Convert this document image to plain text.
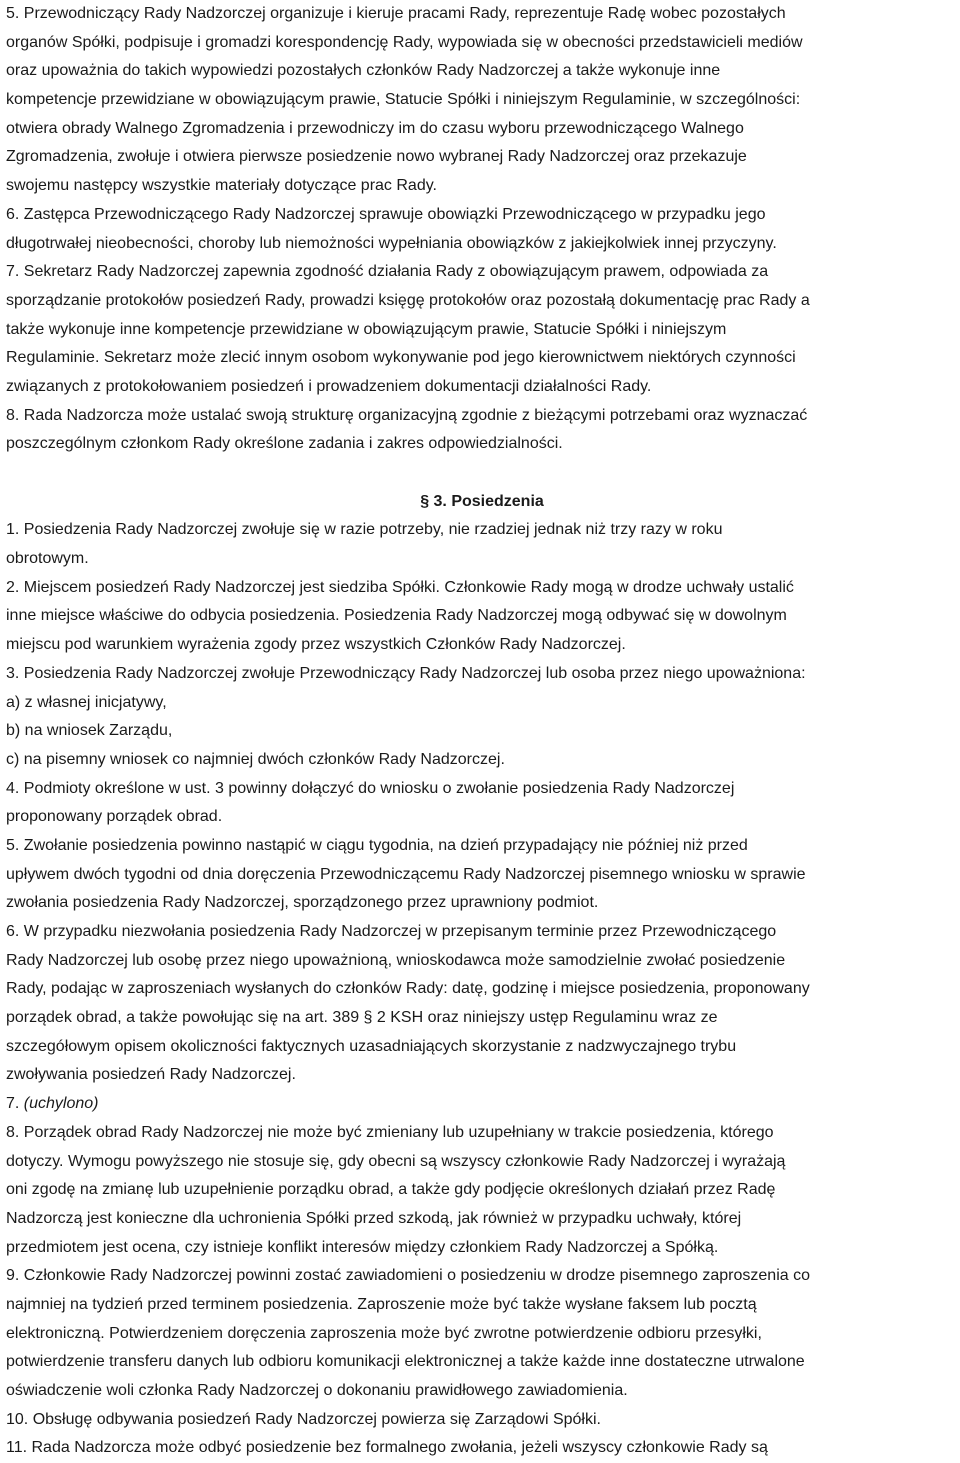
5. Przewodniczący Rady Nadzorczej organizuje i kieruje pracami Rady, reprezentuje Radę wobec pozostałych
organów Spółki, podpisuje i gromadzi korespondencję Rady, wypowiada się w obecności przedstawicieli mediów
oraz upoważnia do takich wypowiedzi pozostałych członków Rady Nadzorczej a także wykonuje inne
kompetencje przewidziane w obowiązującym prawie, Statucie Spółki i niniejszym Regulaminie, w szczególności:
otwiera obrady Walnego Zgromadzenia i przewodniczy im do czasu wyboru przewodniczącego Walnego
Zgromadzenia, zwołuje i otwiera pierwsze posiedzenie nowo wybranej Rady Nadzorczej oraz przekazuje
swojemu następcy wszystkie materiały dotyczące prac Rady.
6. Zastępca Przewodniczącego Rady Nadzorczej sprawuje obowiązki Przewodniczącego w przypadku jego
długotrwałej nieobecności, choroby lub niemożności wypełniania obowiązków z jakiejkolwiek innej przyczyny.
7. Sekretarz Rady Nadzorczej zapewnia zgodność działania Rady z obowiązującym prawem, odpowiada za
sporządzanie protokołów posiedzeń Rady, prowadzi księgę protokołów oraz pozostałą dokumentację prac Rady a
także wykonuje inne kompetencje przewidziane w obowiązującym prawie, Statucie Spółki i niniejszym
Regulaminie. Sekretarz może zlecić innym osobom wykonywanie pod jego kierownictwem niektórych czynności
związanych z protokołowaniem posiedzeń i prowadzeniem dokumentacji działalności Rady.
8. Rada Nadzorcza może ustalać swoją strukturę organizacyjną zgodnie z bieżącymi potrzebami oraz wyznaczać
poszczególnym członkom Rady określone zadania i zakres odpowiedzialności.
§ 3. Posiedzenia
1. Posiedzenia Rady Nadzorczej zwołuje się w razie potrzeby, nie rzadziej jednak niż trzy razy w roku
obrotowym.
2. Miejscem posiedzeń Rady Nadzorczej jest siedziba Spółki. Członkowie Rady mogą w drodze uchwały ustalić
inne miejsce właściwe do odbycia posiedzenia. Posiedzenia Rady Nadzorczej mogą odbywać się w dowolnym
miejscu pod warunkiem wyrażenia zgody przez wszystkich Członków Rady Nadzorczej.
3. Posiedzenia Rady Nadzorczej zwołuje Przewodniczący Rady Nadzorczej lub osoba przez niego upoważniona:
a) z własnej inicjatywy,
b) na wniosek Zarządu,
c) na pisemny wniosek co najmniej dwóch członków Rady Nadzorczej.
4. Podmioty określone w ust. 3 powinny dołączyć do wniosku o zwołanie posiedzenia Rady Nadzorczej
proponowany porządek obrad.
5. Zwołanie posiedzenia powinno nastąpić w ciągu tygodnia, na dzień przypadający nie później niż przed
upływem dwóch tygodni od dnia doręczenia Przewodniczącemu Rady Nadzorczej pisemnego wniosku w sprawie
zwołania posiedzenia Rady Nadzorczej, sporządzonego przez uprawniony podmiot.
6. W przypadku niezwołania posiedzenia Rady Nadzorczej w przepisanym terminie przez Przewodniczącego
Rady Nadzorczej lub osobę przez niego upoważnioną, wnioskodawca może samodzielnie zwołać posiedzenie
Rady, podając w zaproszeniach wysłanych do członków Rady: datę, godzinę i miejsce posiedzenia, proponowany
porządek obrad, a także powołując się na art. 389 § 2 KSH oraz niniejszy ustęp Regulaminu wraz ze
szczegółowym opisem okoliczności faktycznych uzasadniających skorzystanie z nadzwyczajnego trybu
zwoływania posiedzeń Rady Nadzorczej.
7. (uchylono)
8. Porządek obrad Rady Nadzorczej nie może być zmieniany lub uzupełniany w trakcie posiedzenia, którego
dotyczy. Wymogu powyższego nie stosuje się, gdy obecni są wszyscy członkowie Rady Nadzorczej i wyrażają
oni zgodę na zmianę lub uzupełnienie porządku obrad, a także gdy podjęcie określonych działań przez Radę
Nadzorczą jest konieczne dla uchronienia Spółki przed szkodą, jak również w przypadku uchwały, której
przedmiotem jest ocena, czy istnieje konflikt interesów między członkiem Rady Nadzorczej a Spółką.
9. Członkowie Rady Nadzorczej powinni zostać zawiadomieni o posiedzeniu w drodze pisemnego zaproszenia co
najmniej na tydzień przed terminem posiedzenia. Zaproszenie może być także wysłane faksem lub pocztą
elektroniczną. Potwierdzeniem doręczenia zaproszenia może być zwrotne potwierdzenie odbioru przesyłki,
potwierdzenie transferu danych lub odbioru komunikacji elektronicznej a także każde inne dostateczne utrwalone
oświadczenie woli członka Rady Nadzorczej o dokonaniu prawidłowego zawiadomienia.
10. Obsługę odbywania posiedzeń Rady Nadzorczej powierza się Zarządowi Spółki.
11. Rada Nadzorcza może odbyć posiedzenie bez formalnego zwołania, jeżeli wszyscy członkowie Rady są
